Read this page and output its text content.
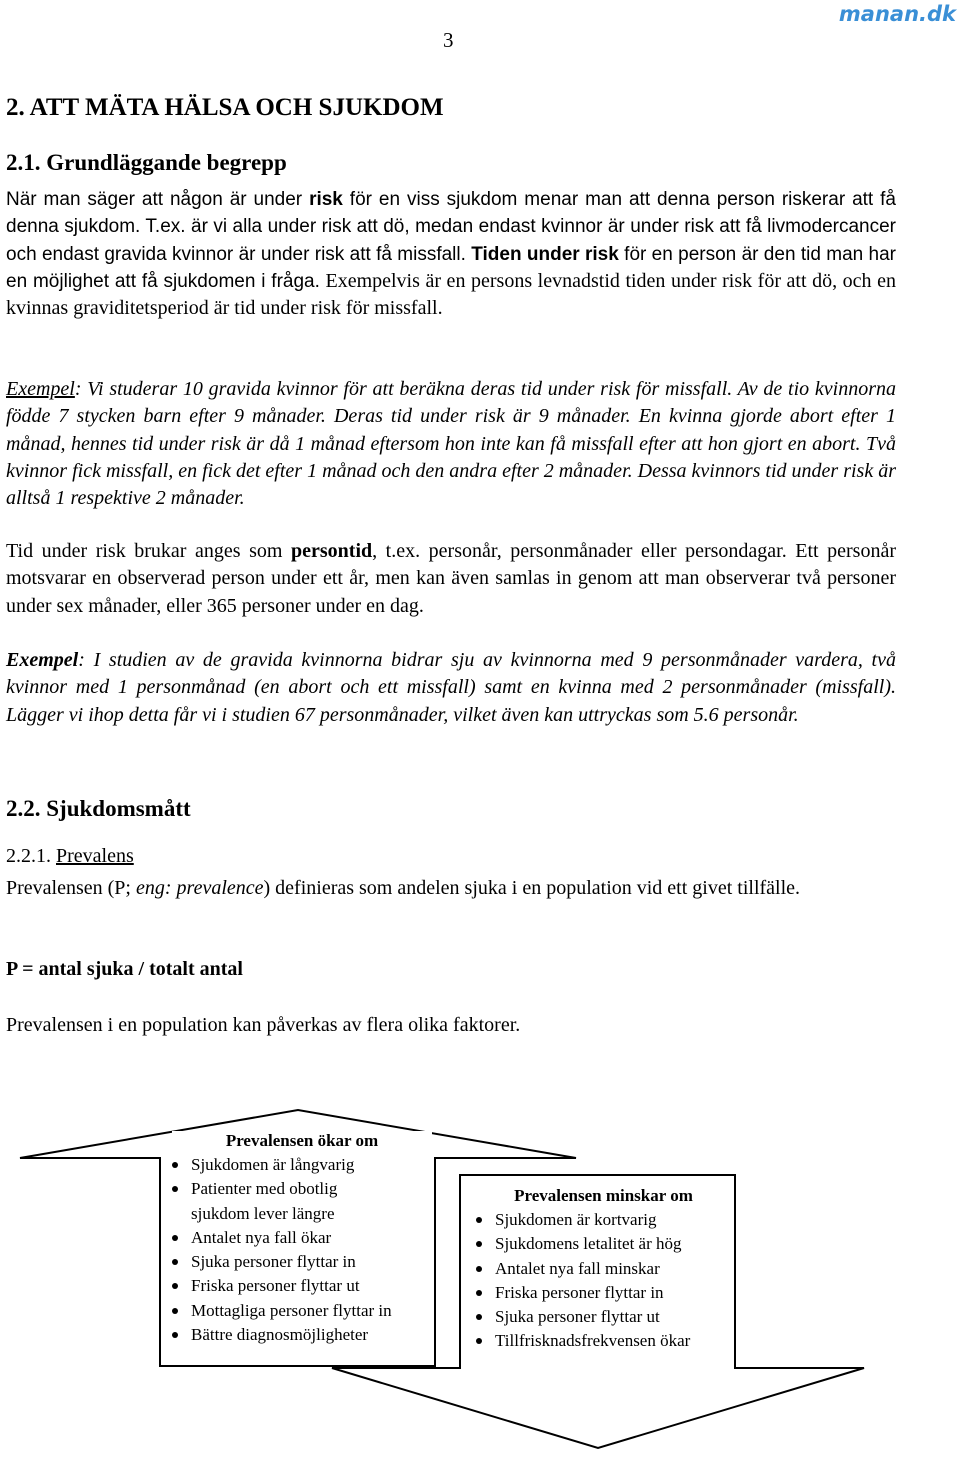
manan.dk
3
2. ATT MÄTA HÄLSA OCH SJUKDOM
2.1. Grundläggande begrepp
När man säger att någon är under risk för en viss sjukdom menar man att denna person riskerar att få denna sjukdom. T.ex. är vi alla under risk att dö, medan endast kvinnor är under risk att få livmodercancer och endast gravida kvinnor är under risk att få missfall. Tiden under risk för en person är den tid man har en möjlighet att få sjukdomen i fråga. Exempelvis är en persons levnadstid tiden under risk för att dö, och en kvinnas graviditetsperiod är tid under risk för missfall.
Exempel: Vi studerar 10 gravida kvinnor för att beräkna deras tid under risk för missfall. Av de tio kvinnorna födde 7 stycken barn efter 9 månader. Deras tid under risk är 9 månader. En kvinna gjorde abort efter 1 månad, hennes tid under risk är då 1 månad eftersom hon inte kan få missfall efter att hon gjort en abort. Två kvinnor fick missfall, en fick det efter 1 månad och den andra efter 2 månader. Dessa kvinnors tid under risk är alltså 1 respektive 2 månader.
Tid under risk brukar anges som persontid, t.ex. personår, personmånader eller persondagar. Ett personår motsvarar en observerad person under ett år, men kan även samlas in genom att man observerar två personer under sex månader, eller 365 personer under en dag.
Exempel: I studien av de gravida kvinnorna bidrar sju av kvinnorna med 9 personmånader vardera, två kvinnor med 1 personmånad (en abort och ett missfall) samt en kvinna med 2 personmånader (missfall). Lägger vi ihop detta får vi i studien 67 personmånader, vilket även kan uttryckas som 5.6 personår.
2.2. Sjukdomsmått
2.2.1. Prevalens
Prevalensen (P; eng: prevalence) definieras som andelen sjuka i en population vid ett givet tillfälle.
P = antal sjuka / totalt antal
Prevalensen i en population kan påverkas av flera olika faktorer.
Prevalensen ökar om
Sjukdomen är långvarig
Patienter med obotlig sjukdom lever längre
Antalet nya fall ökar
Sjuka personer flyttar in
Friska personer flyttar ut
Mottagliga personer flyttar in
Bättre diagnosmöjligheter
Prevalensen minskar om
Sjukdomen är kortvarig
Sjukdomens letalitet är hög
Antalet nya fall minskar
Friska personer flyttar in
Sjuka personer flyttar ut
Tillfrisknadsfrekvensen ökar
